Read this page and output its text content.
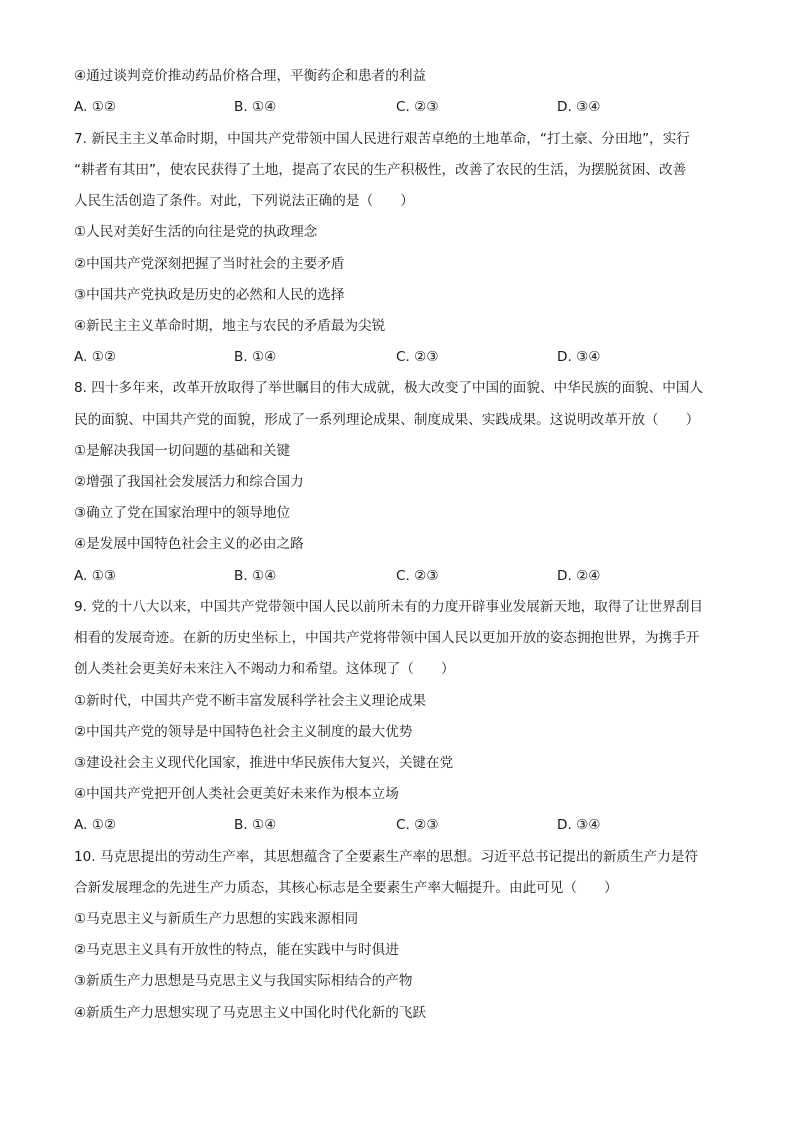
④通过谈判竞价推动药品价格合理，平衡药企和患者的利益
A. ①②	B. ①④	C. ②③	D. ③④
7. 新民主主义革命时期，中国共产党带领中国人民进行艰苦卓绝的土地革命，“打土豪、分田地”，实行
“耕者有其田”，使农民获得了土地，提高了农民的生产积极性，改善了农民的生活，为摆脱贫困、改善
人民生活创造了条件。对此，下列说法正确的是（　　）
①人民对美好生活的向往是党的执政理念
②中国共产党深刻把握了当时社会的主要矛盾
③中国共产党执政是历史的必然和人民的选择
④新民主主义革命时期，地主与农民的矛盾最为尖锐
A. ①②	B. ①④	C. ②③	D. ③④
8. 四十多年来，改革开放取得了举世瞩目的伟大成就，极大改变了中国的面貌、中华民族的面貌、中国人
民的面貌、中国共产党的面貌，形成了一系列理论成果、制度成果、实践成果。这说明改革开放（　　）
①是解决我国一切问题的基础和关键
②增强了我国社会发展活力和综合国力
③确立了党在国家治理中的领导地位
④是发展中国特色社会主义的必由之路
A. ①③	B. ①④	C. ②③	D. ②④
9. 党的十八大以来，中国共产党带领中国人民以前所未有的力度开辟事业发展新天地，取得了让世界刮目
相看的发展奇迹。在新的历史坐标上，中国共产党将带领中国人民以更加开放的姿态拥抱世界，为携手开
创人类社会更美好未来注入不竭动力和希望。这体现了（　　）
①新时代，中国共产党不断丰富发展科学社会主义理论成果
②中国共产党的领导是中国特色社会主义制度的最大优势
③建设社会主义现代化国家，推进中华民族伟大复兴，关键在党
④中国共产党把开创人类社会更美好未来作为根本立场
A. ①②	B. ①④	C. ②③	D. ③④
10. 马克思提出的劳动生产率，其思想蕴含了全要素生产率的思想。习近平总书记提出的新质生产力是符
合新发展理念的先进生产力质态，其核心标志是全要素生产率大幅提升。由此可见（　　）
①马克思主义与新质生产力思想的实践来源相同
②马克思主义具有开放性的特点，能在实践中与时俱进
③新质生产力思想是马克思主义与我国实际相结合的产物
④新质生产力思想实现了马克思主义中国化时代化新的飞跃
